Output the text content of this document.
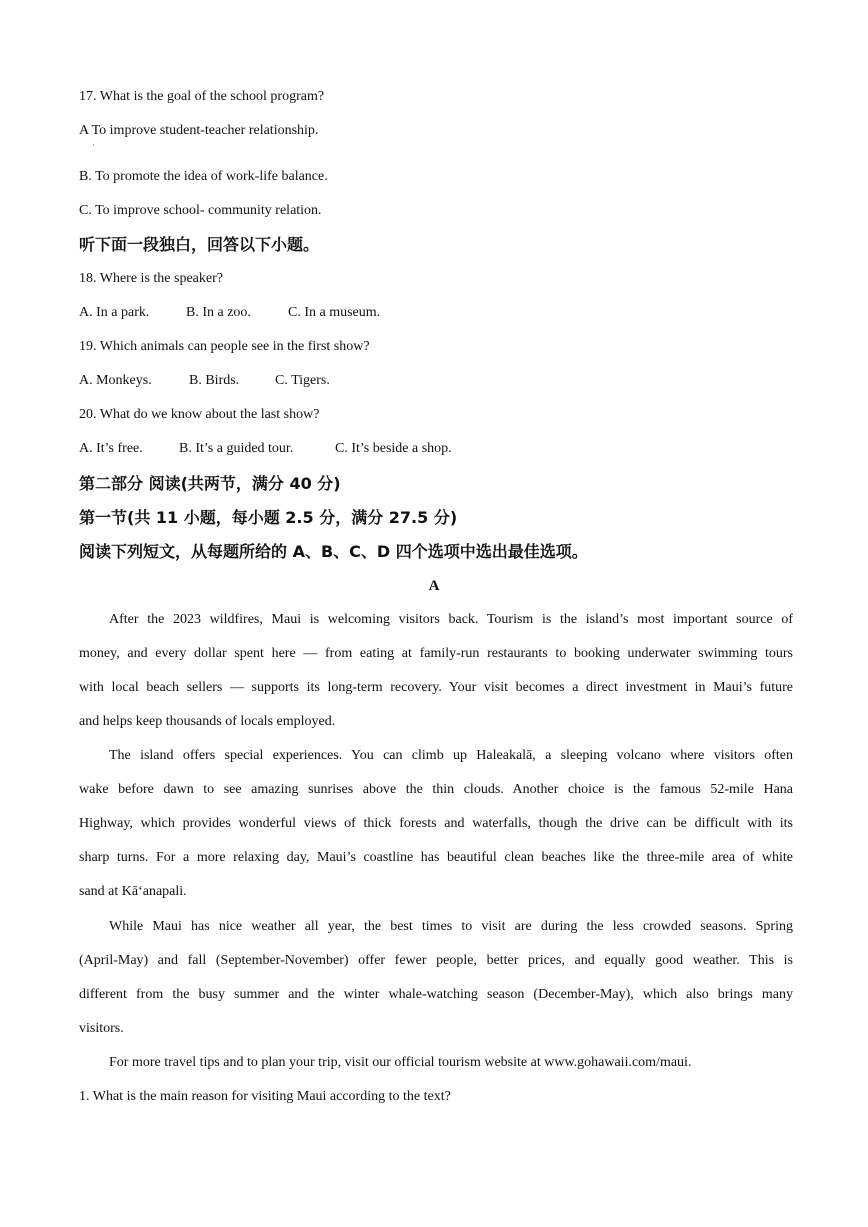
17. What is the goal of the school program?
A To improve student-teacher relationship.
·
B. To promote the idea of work-life balance.
C. To improve school- community relation.
听下面一段独白，回答以下小题。
18. Where is the speaker?
A. In a park.	B. In a zoo.	C. In a museum.
19. Which animals can people see in the first show?
A. Monkeys.	B. Birds.	C. Tigers.
20. What do we know about the last show?
A. It’s free.	B. It’s a guided tour.	C. It’s beside a shop.
第二部分 阅读(共两节，满分 40 分)
第一节(共 11 小题，每小题 2.5 分，满分 27.5 分)
阅读下列短文，从每题所给的 A、B、C、D 四个选项中选出最佳选项。
A
After the 2023 wildfires, Maui is welcoming visitors back. Tourism is the island’s most important source of
money, and every dollar spent here — from eating at family-run restaurants to booking underwater swimming tours
with local beach sellers — supports its long-term recovery. Your visit becomes a direct investment in Maui’s future
and helps keep thousands of locals employed.
The island offers special experiences. You can climb up Haleakalā, a sleeping volcano where visitors often
wake before dawn to see amazing sunrises above the thin clouds. Another choice is the famous 52-mile Hana
Highway, which provides wonderful views of thick forests and waterfalls, though the drive can be difficult with its
sharp turns. For a more relaxing day, Maui’s coastline has beautiful clean beaches like the three-mile area of white
sand at Kāʻanapali.
While Maui has nice weather all year, the best times to visit are during the less crowded seasons. Spring
(April-May) and fall (September-November) offer fewer people, better prices, and equally good weather. This is
different from the busy summer and the winter whale-watching season (December-May), which also brings many
visitors.
For more travel tips and to plan your trip, visit our official tourism website at www.gohawaii.com/maui.
1. What is the main reason for visiting Maui according to the text?
